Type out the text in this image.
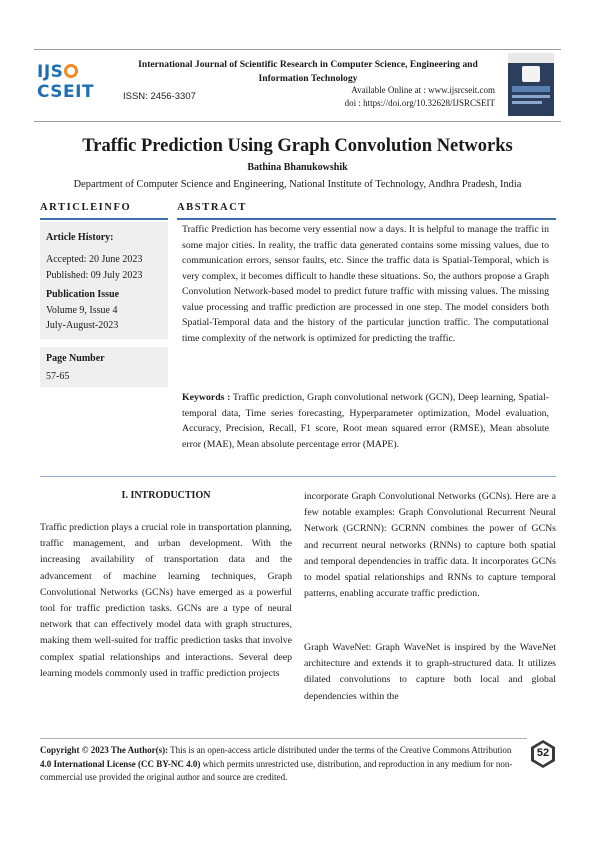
IJS
CSEIT
International Journal of Scientific Research in Computer Science, Engineering and Information Technology
ISSN: 2456-3307
Available Online at : www.ijsrcseit.com
doi : https://doi.org/10.32628/IJSRCSEIT
Traffic Prediction Using Graph Convolution Networks
Bathina Bhanukowshik
Department of Computer Science and Engineering, National Institute of Technology, Andhra Pradesh, India
ARTICLEINFO	ABSTRACT
Article History:
Accepted: 20 June 2023
Published: 09 July 2023
Publication Issue
Volume 9, Issue 4
July-August-2023
Page Number
57-65
Traffic Prediction has become very essential now a days. It is helpful to manage the traffic in some major cities. In reality, the traffic data generated contains some missing values, due to communication errors, sensor faults, etc. Since the traffic data is Spatial-Temporal, which is very complex, it becomes difficult to handle these situations. So, the authors propose a Graph Convolution Network-based model to predict future traffic with missing values. The missing value processing and traffic prediction are processed in one step. The model considers both Spatial-Temporal data and the history of the particular junction traffic. The computational time complexity of the network is optimized for predicting the traffic.
Keywords : Traffic prediction, Graph convolutional network (GCN), Deep learning, Spatial-temporal data, Time series forecasting, Hyperparameter optimization, Model evaluation, Accuracy, Precision, Recall, F1 score, Root mean squared error (RMSE), Mean absolute error (MAE), Mean absolute percentage error (MAPE).
I. INTRODUCTION
Traffic prediction plays a crucial role in transportation planning, traffic management, and urban development. With the increasing availability of transportation data and the advancement of machine learning techniques, Graph Convolutional Networks (GCNs) have emerged as a powerful tool for traffic prediction tasks. GCNs are a type of neural network that can effectively model data with graph structures, making them well-suited for traffic prediction tasks that involve complex spatial relationships and interactions. Several deep learning models commonly used in traffic prediction projects
incorporate Graph Convolutional Networks (GCNs). Here are a few notable examples: Graph Convolutional Recurrent Neural Network (GCRNN): GCRNN combines the power of GCNs and recurrent neural networks (RNNs) to capture both spatial and temporal dependencies in traffic data. It incorporates GCNs to model spatial relationships and RNNs to capture temporal patterns, enabling accurate traffic prediction.
Graph WaveNet: Graph WaveNet is inspired by the WaveNet architecture and extends it to graph-structured data. It utilizes dilated convolutions to capture both local and global dependencies within the
Copyright © 2023 The Author(s): This is an open-access article distributed under the terms of the Creative Commons Attribution 4.0 International License (CC BY-NC 4.0) which permits unrestricted use, distribution, and reproduction in any medium for non-commercial use provided the original author and source are credited.
52
